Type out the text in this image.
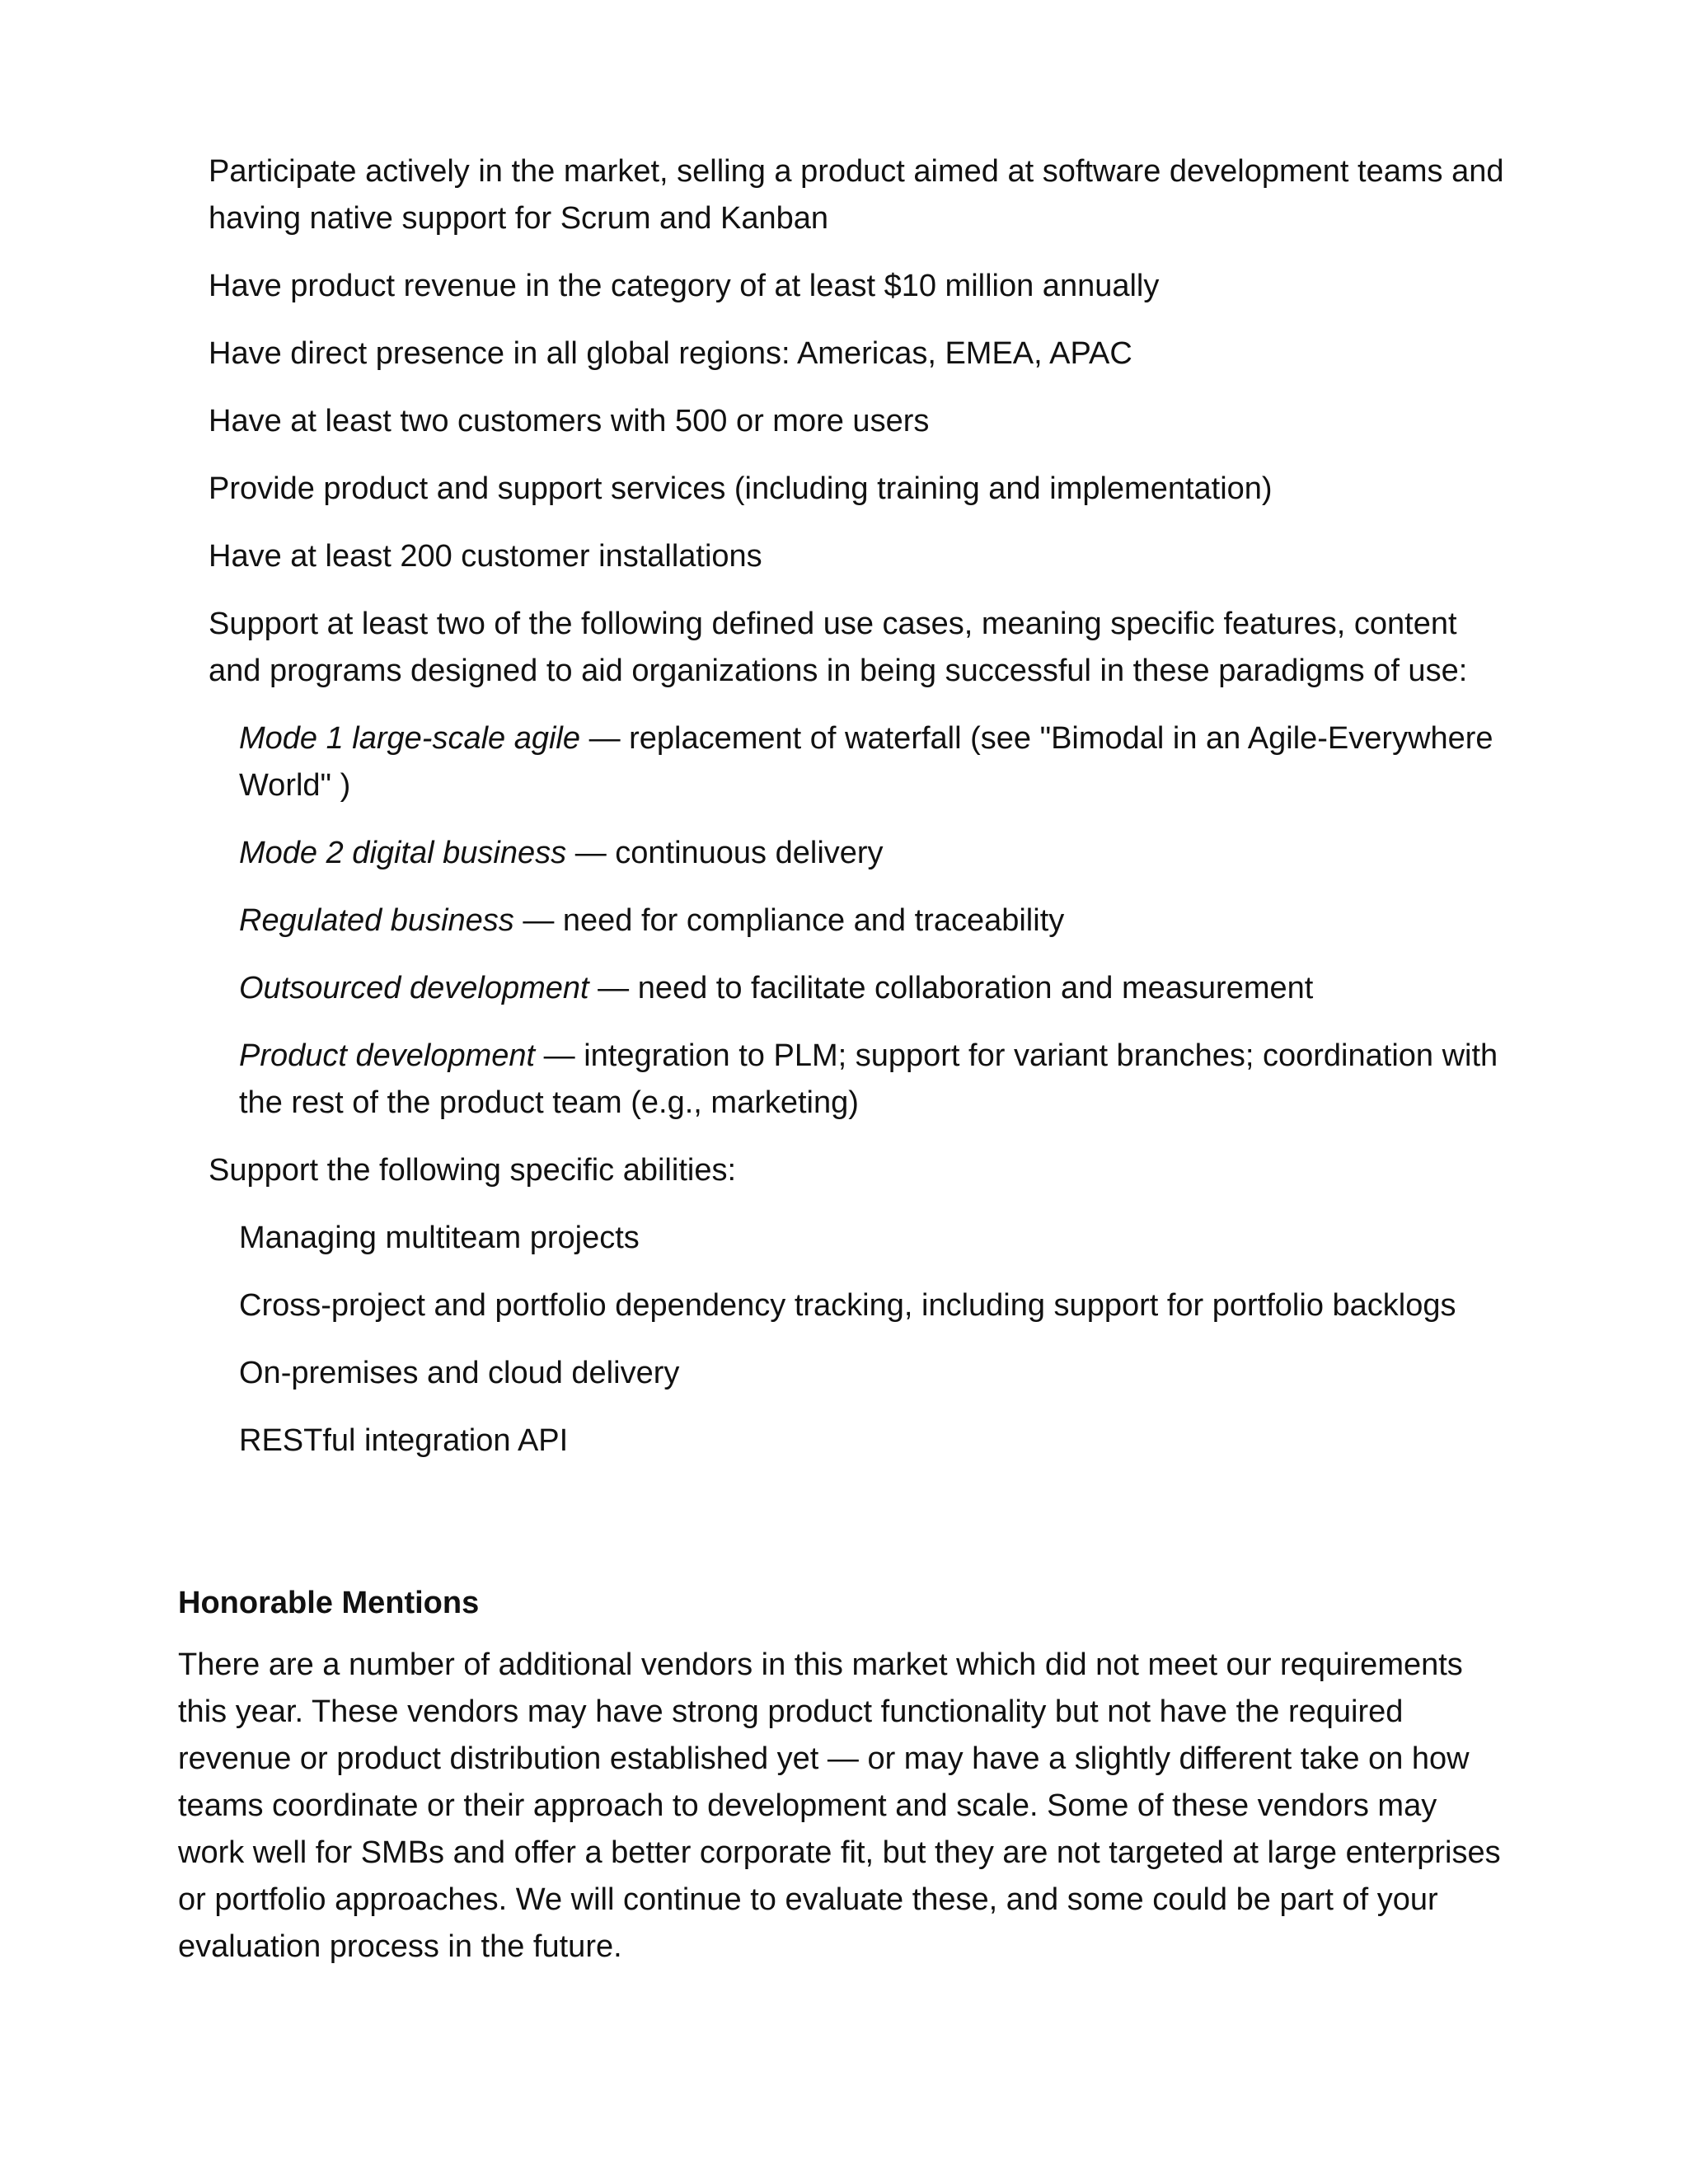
Participate actively in the market, selling a product aimed at software development teams and having native support for Scrum and Kanban
Have product revenue in the category of at least $10 million annually
Have direct presence in all global regions: Americas, EMEA, APAC
Have at least two customers with 500 or more users
Provide product and support services (including training and implementation)
Have at least 200 customer installations
Support at least two of the following defined use cases, meaning specific features, content and programs designed to aid organizations in being successful in these paradigms of use:
Mode 1 large-scale agile — replacement of waterfall (see "Bimodal in an Agile-Everywhere World" )
Mode 2 digital business — continuous delivery
Regulated business — need for compliance and traceability
Outsourced development — need to facilitate collaboration and measurement
Product development — integration to PLM; support for variant branches; coordination with the rest of the product team (e.g., marketing)
Support the following specific abilities:
Managing multiteam projects
Cross-project and portfolio dependency tracking, including support for portfolio backlogs
On-premises and cloud delivery
RESTful integration API
Honorable Mentions

There are a number of additional vendors in this market which did not meet our requirements this year. These vendors may have strong product functionality but not have the required revenue or product distribution established yet — or may have a slightly different take on how teams coordinate or their approach to development and scale. Some of these vendors may work well for SMBs and offer a better corporate fit, but they are not targeted at large enterprises or portfolio approaches. We will continue to evaluate these, and some could be part of your evaluation process in the future.
